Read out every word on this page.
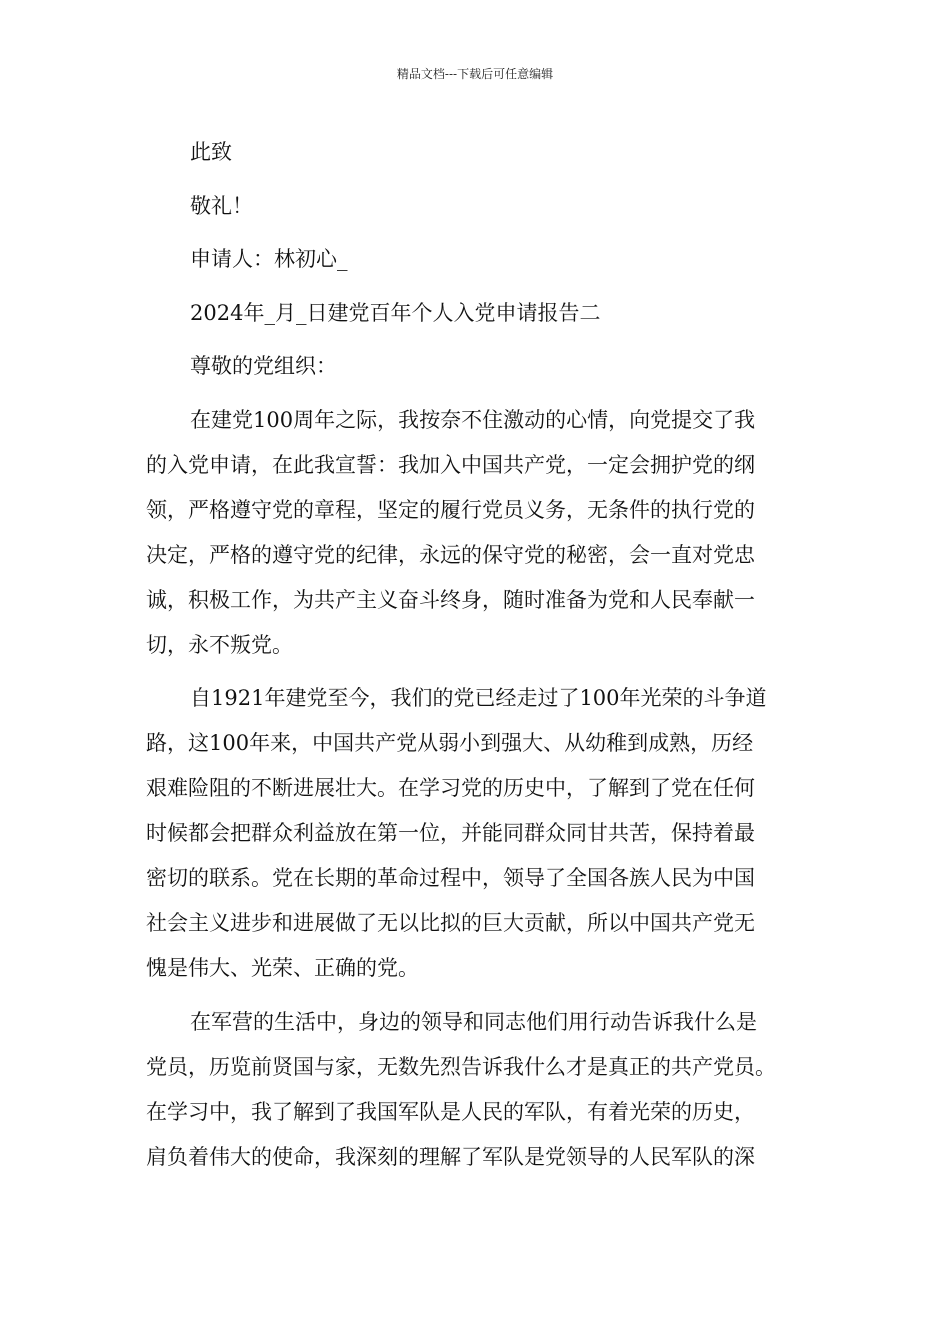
精品文档---下载后可任意编辑

此致

敬礼！

申请人：林初心_

2024年_月_日建党百年个人入党申请报告二

尊敬的党组织：

在建党100周年之际，我按奈不住激动的心情，向党提交了我
的入党申请，在此我宣誓：我加入中国共产党，一定会拥护党的纲
领，严格遵守党的章程，坚定的履行党员义务，无条件的执行党的
决定，严格的遵守党的纪律，永远的保守党的秘密，会一直对党忠
诚，积极工作，为共产主义奋斗终身，随时准备为党和人民奉献一
切，永不叛党。
自1921年建党至今，我们的党已经走过了100年光荣的斗争道
路，这100年来，中国共产党从弱小到强大、从幼稚到成熟，历经
艰难险阻的不断进展壮大。在学习党的历史中，了解到了党在任何
时候都会把群众利益放在第一位，并能同群众同甘共苦，保持着最
密切的联系。党在长期的革命过程中，领导了全国各族人民为中国
社会主义进步和进展做了无以比拟的巨大贡献，所以中国共产党无
愧是伟大、光荣、正确的党。
在军营的生活中，身边的领导和同志他们用行动告诉我什么是
党员，历览前贤国与家，无数先烈告诉我什么才是真正的共产党员。
在学习中，我了解到了我国军队是人民的军队，有着光荣的历史，
肩负着伟大的使命，我深刻的理解了军队是党领导的人民军队的深
